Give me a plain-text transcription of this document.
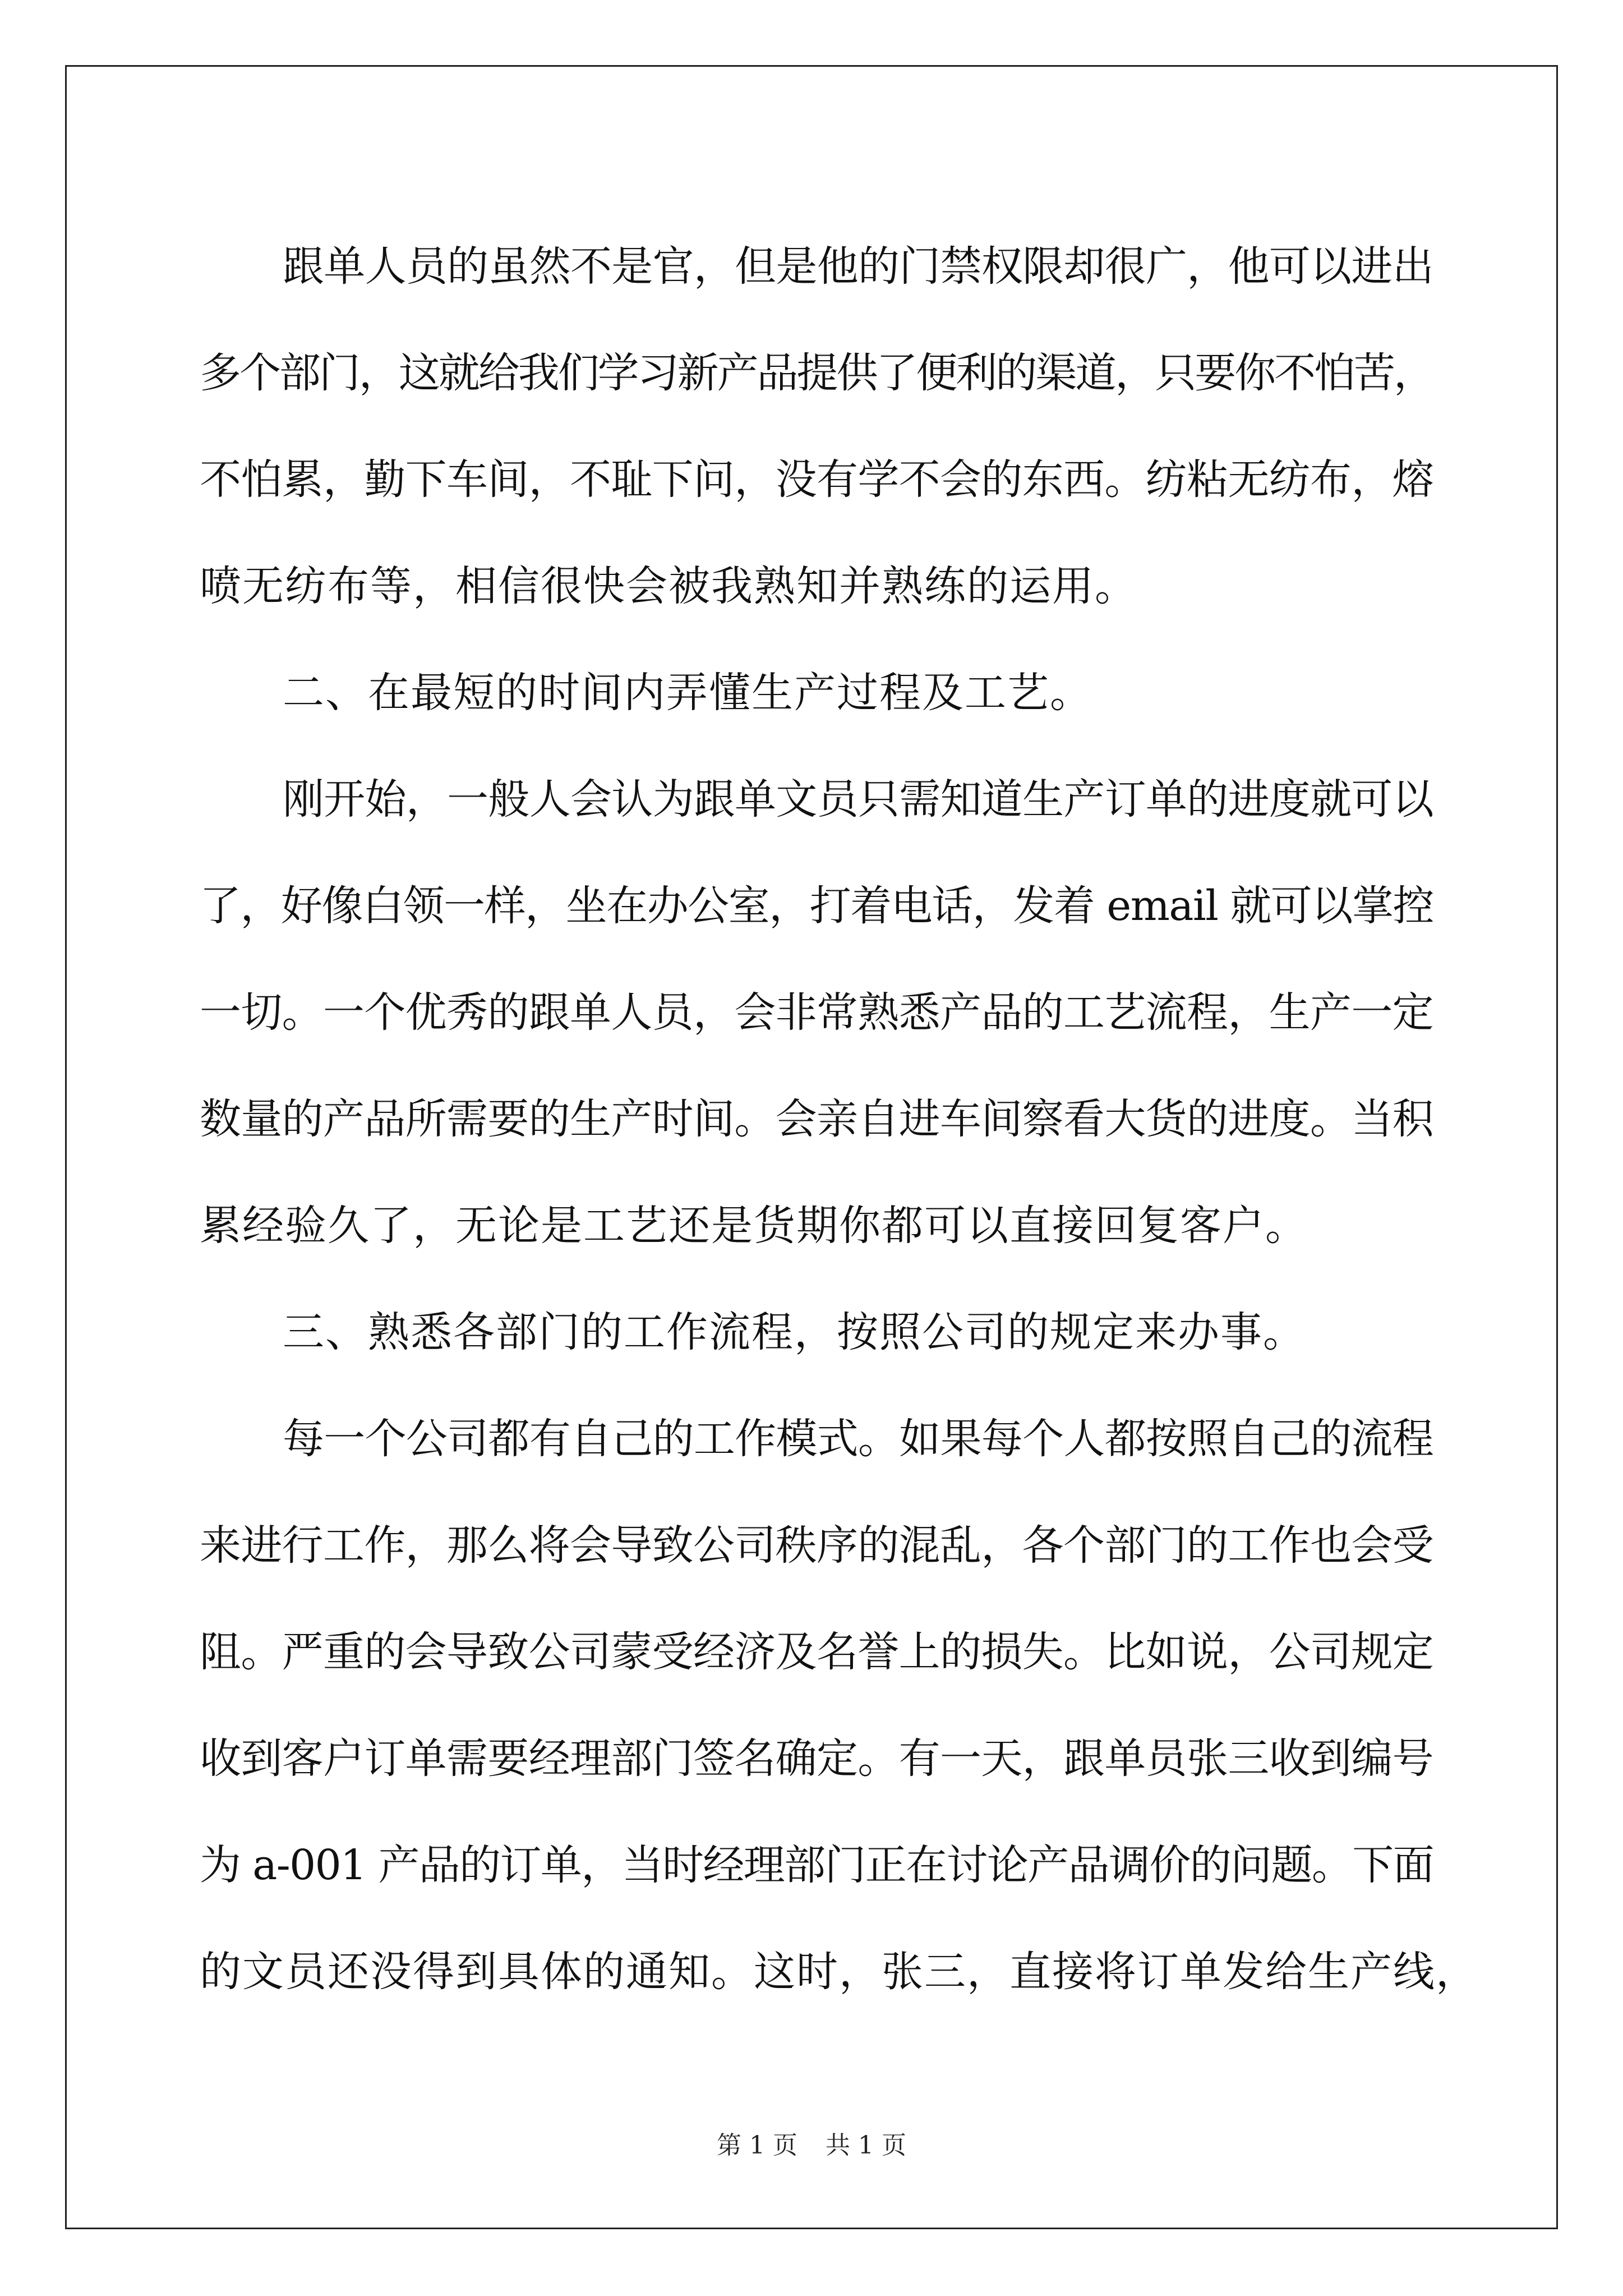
跟单人员的虽然不是官，但是他的门禁权限却很广，他可以进出
多个部门，这就给我们学习新产品提供了便利的渠道，只要你不怕苦，
不怕累，勤下车间，不耻下问，没有学不会的东西。纺粘无纺布，熔
喷无纺布等，相信很快会被我熟知并熟练的运用。

二、在最短的时间内弄懂生产过程及工艺。

刚开始，一般人会认为跟单文员只需知道生产订单的进度就可以
了，好像白领一样，坐在办公室，打着电话，发着 email 就可以掌控
一切。一个优秀的跟单人员，会非常熟悉产品的工艺流程，生产一定
数量的产品所需要的生产时间。会亲自进车间察看大货的进度。当积
累经验久了，无论是工艺还是货期你都可以直接回复客户。

三、熟悉各部门的工作流程，按照公司的规定来办事。

每一个公司都有自己的工作模式。如果每个人都按照自己的流程
来进行工作，那么将会导致公司秩序的混乱，各个部门的工作也会受
阻。严重的会导致公司蒙受经济及名誉上的损失。比如说，公司规定
收到客户订单需要经理部门签名确定。有一天，跟单员张三收到编号
为 a-001 产品的订单，当时经理部门正在讨论产品调价的问题。下面
的文员还没得到具体的通知。这时，张三，直接将订单发给生产线，

第 1 页 共 1 页
